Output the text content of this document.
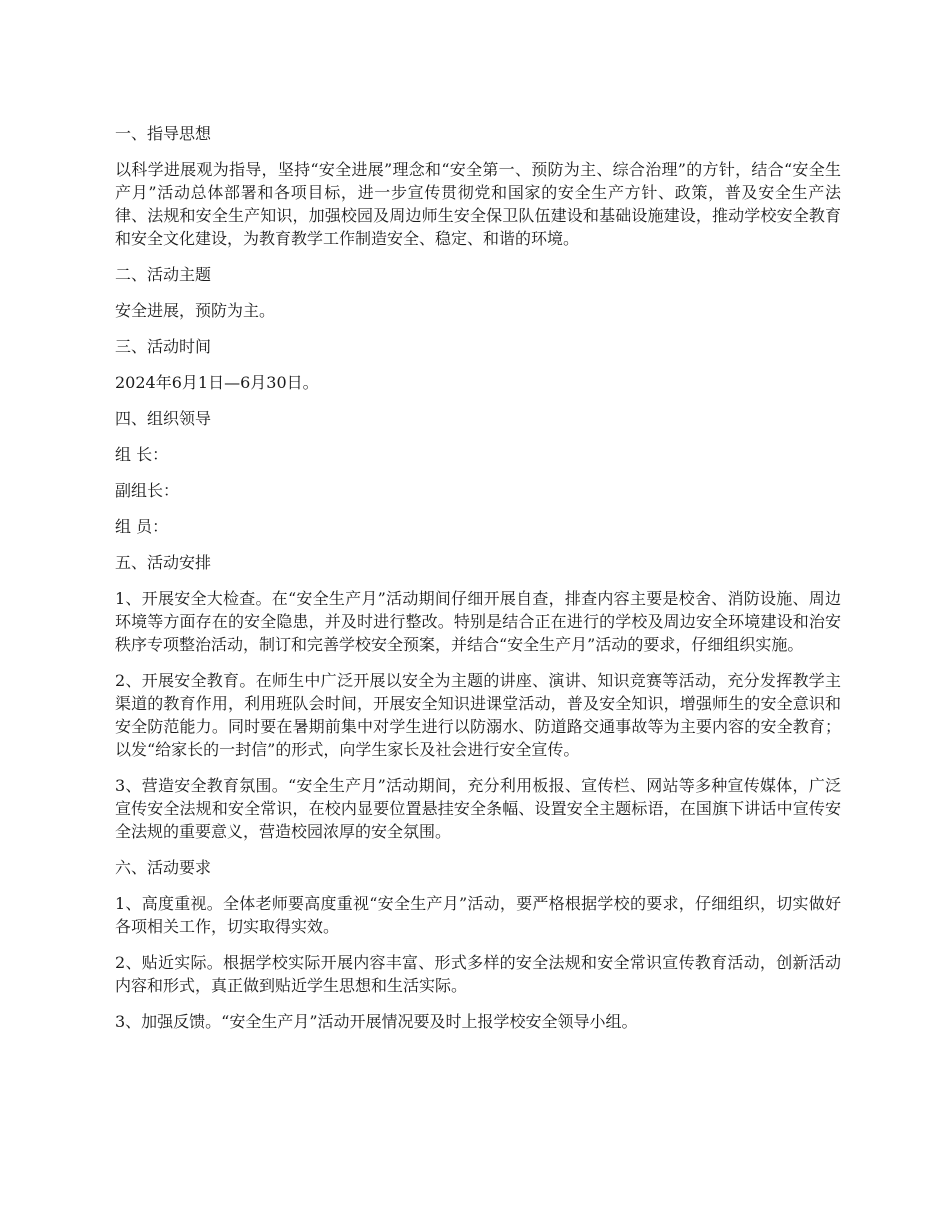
一、指导思想

以科学进展观为指导，坚持“安全进展”理念和“安全第一、预防为主、综合治理”的方针，结合“安全生产月”活动总体部署和各项目标，进一步宣传贯彻党和国家的安全生产方针、政策，普及安全生产法律、法规和安全生产知识，加强校园及周边师生安全保卫队伍建设和基础设施建设，推动学校安全教育和安全文化建设，为教育教学工作制造安全、稳定、和谐的环境。

二、活动主题

安全进展，预防为主。

三、活动时间

2024年6月1日—6月30日。

四、组织领导

组 长：

副组长：

组 员：

五、活动安排

1、开展安全大检查。在“安全生产月”活动期间仔细开展自查，排查内容主要是校舍、消防设施、周边环境等方面存在的安全隐患，并及时进行整改。特别是结合正在进行的学校及周边安全环境建设和治安秩序专项整治活动，制订和完善学校安全预案，并结合“安全生产月”活动的要求，仔细组织实施。

2、开展安全教育。在师生中广泛开展以安全为主题的讲座、演讲、知识竞赛等活动，充分发挥教学主渠道的教育作用，利用班队会时间，开展安全知识进课堂活动，普及安全知识，增强师生的安全意识和安全防范能力。同时要在暑期前集中对学生进行以防溺水、防道路交通事故等为主要内容的安全教育；以发“给家长的一封信”的形式，向学生家长及社会进行安全宣传。

3、营造安全教育氛围。“安全生产月”活动期间，充分利用板报、宣传栏、网站等多种宣传媒体，广泛宣传安全法规和安全常识，在校内显要位置悬挂安全条幅、设置安全主题标语，在国旗下讲话中宣传安全法规的重要意义，营造校园浓厚的安全氛围。

六、活动要求

1、高度重视。全体老师要高度重视“安全生产月”活动，要严格根据学校的要求，仔细组织，切实做好各项相关工作，切实取得实效。

2、贴近实际。根据学校实际开展内容丰富、形式多样的安全法规和安全常识宣传教育活动，创新活动内容和形式，真正做到贴近学生思想和生活实际。

3、加强反馈。“安全生产月”活动开展情况要及时上报学校安全领导小组。
